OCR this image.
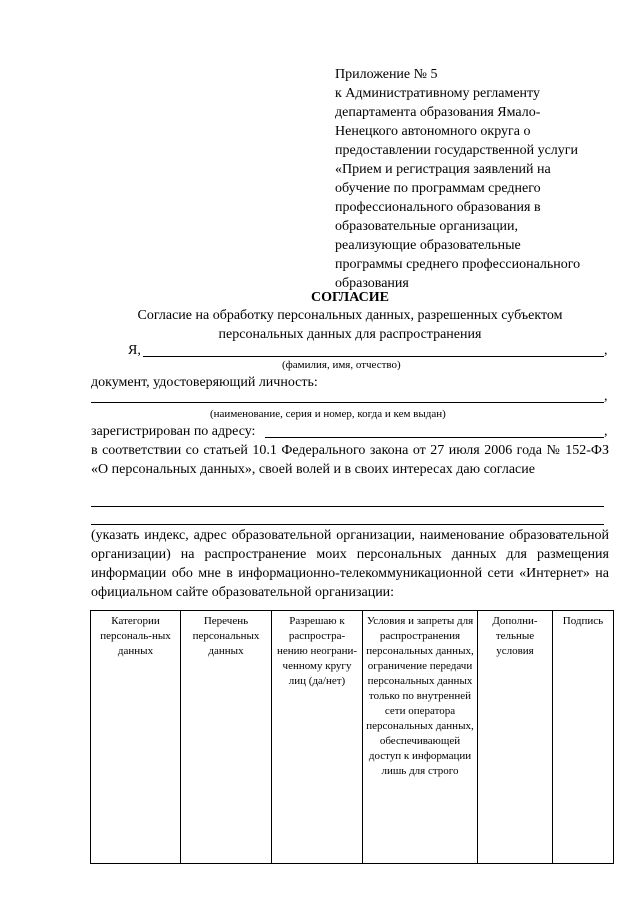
Приложение № 5
к Административному регламенту
департамента образования Ямало-
Ненецкого автономного округа о
предоставлении государственной услуги
«Прием и регистрация заявлений на
обучение по программам среднего
профессионального образования в
образовательные организации,
реализующие образовательные
программы среднего профессионального
образования
СОГЛАСИЕ
Согласие на обработку персональных данных, разрешенных субъектом персональных данных для распространения
Я,	,
(фамилия, имя, отчество)
документ, удостоверяющий личность:
,
(наименование, серия и номер, когда и кем выдан)
зарегистрирован по адресу:	,
в соответствии со статьей 10.1 Федерального закона от 27 июля 2006 года № 152-ФЗ «О персональных данных», своей волей и в своих интересах даю согласие
(указать индекс, адрес образовательной организации, наименование образовательной организации) на распространение моих персональных данных для размещения информации обо мне в информационно-телекоммуникационной сети «Интернет» на официальном сайте образовательной организации:
Категории персональ-ных данных	Перечень персональных данных	Разрешаю к распростра-нению неограни-ченному кругу лиц (да/нет)	Условия и запреты для распространения персональных данных, ограничение передачи персональных данных только по внутренней сети оператора персональных данных, обеспечивающей доступ к информации лишь для строго	Дополни-тельные условия	Подпись
